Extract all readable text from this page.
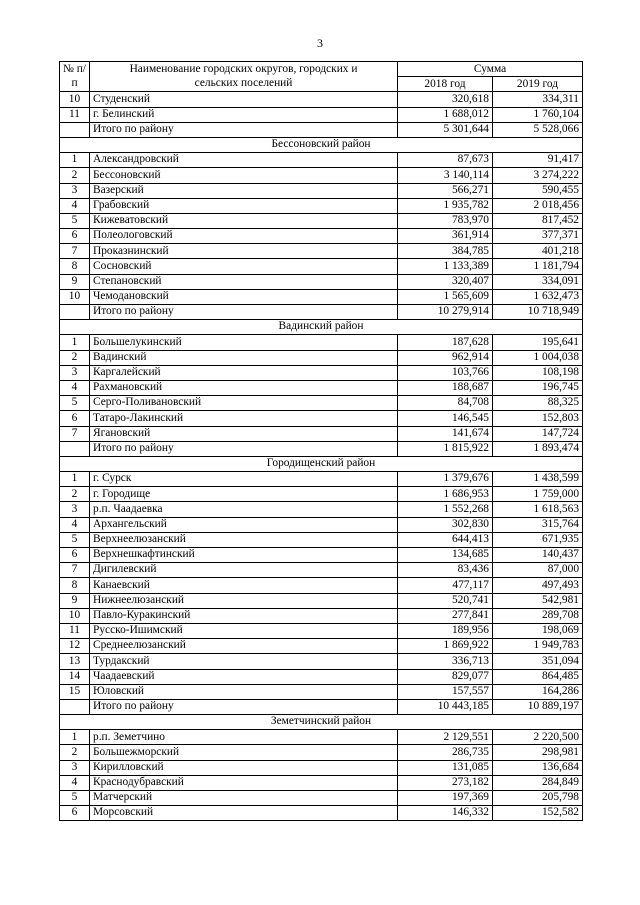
3
№ п/п	Наименование городских округов, городских и сельских поселений	Сумма	
		2018 год	2019 год
10	Студенский	320,618	334,311
11	г. Белинский	1 688,012	1 760,104
	Итого по району	5 301,644	5 528,066
Бессоновский район			
1	Александровский	87,673	91,417
2	Бессоновский	3 140,114	3 274,222
3	Вазерский	566,271	590,455
4	Грабовский	1 935,782	2 018,456
5	Кижеватовский	783,970	817,452
6	Полеологовский	361,914	377,371
7	Проказнинский	384,785	401,218
8	Сосновский	1 133,389	1 181,794
9	Степановский	320,407	334,091
10	Чемодановский	1 565,609	1 632,473
	Итого по району	10 279,914	10 718,949
Вадинский район			
1	Большелукинский	187,628	195,641
2	Вадинский	962,914	1 004,038
3	Каргалейский	103,766	108,198
4	Рахмановский	188,687	196,745
5	Серго-Поливановский	84,708	88,325
6	Татаро-Лакинский	146,545	152,803
7	Ягановский	141,674	147,724
	Итого по району	1 815,922	1 893,474
Городищенский район			
1	г. Сурск	1 379,676	1 438,599
2	г. Городище	1 686,953	1 759,000
3	р.п. Чаадаевка	1 552,268	1 618,563
4	Архангельский	302,830	315,764
5	Верхнеелюзанский	644,413	671,935
6	Верхнешкафтинский	134,685	140,437
7	Дигилевский	83,436	87,000
8	Канаевский	477,117	497,493
9	Нижнеелюзанский	520,741	542,981
10	Павло-Куракинский	277,841	289,708
11	Русско-Ишимский	189,956	198,069
12	Среднеелюзанский	1 869,922	1 949,783
13	Турдакский	336,713	351,094
14	Чаадаевский	829,077	864,485
15	Юловский	157,557	164,286
	Итого по району	10 443,185	10 889,197
Земетчинский район			
1	р.п. Земетчино	2 129,551	2 220,500
2	Большежморский	286,735	298,981
3	Кирилловский	131,085	136,684
4	Краснодубравский	273,182	284,849
5	Матчерский	197,369	205,798
6	Морсовский	146,332	152,582
